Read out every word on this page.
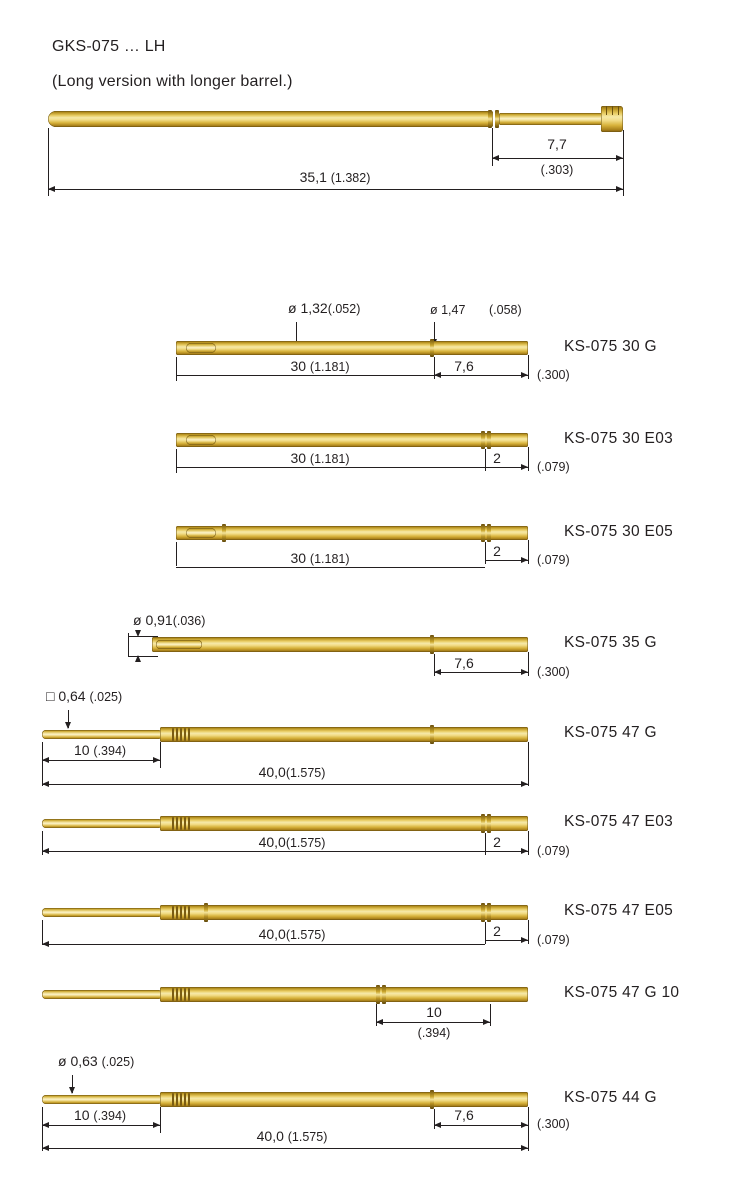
GKS-075 … LH
(Long version with longer barrel.)
7,7
(.303)
35,1 (1.382)
ø 1,32(.052)	ø 1,47 (.058)
KS-075 30 G
7,6
(.300)
30 (1.181)
KS-075 30 E03
2
(.079)
30 (1.181)
KS-075 30 E05
2
(.079)
30 (1.181)
ø 0,91(.036)
KS-075 35 G
7,6
(.300)
□ 0,64 (.025)
KS-075 47 G
10 (.394)
40,0(1.575)
KS-075 47 E03
2
(.079)
40,0(1.575)
KS-075 47 E05
2
(.079)
40,0(1.575)
KS-075 47 G 10
10
(.394)
ø 0,63 (.025)
KS-075 44 G
10 (.394)	7,6
(.300)
40,0 (1.575)
